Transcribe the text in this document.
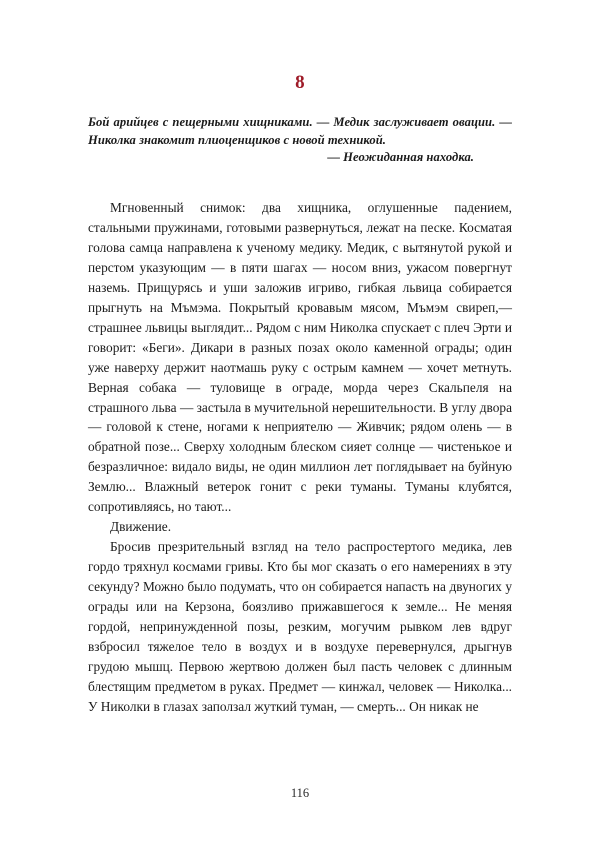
8
Бой арийцев с пещерными хищниками. — Медик заслуживает овации. — Николка знакомит плиоценщиков с новой техникой.
— Неожиданная находка.

Мгновенный снимок: два хищника, оглушенные падением, стальными пружинами, готовыми развернуться, лежат на песке. Косматая голова самца направлена к ученому медику. Медик, с вытянутой рукой и перстом указующим — в пяти шагах — носом вниз, ужасом повергнут наземь. Прищурясь и уши заложив игриво, гибкая львица собирается прыгнуть на Мъмэма. Покрытый кровавым мясом, Мъмэм свиреп,— страшнее львицы выглядит... Рядом с ним Николка спускает с плеч Эрти и говорит: «Беги». Дикари в разных позах около каменной ограды; один уже наверху держит наотмашь руку с острым камнем — хочет метнуть. Верная собака — туловище в ограде, морда через Скальпеля на страшного льва — застыла в мучительной нерешительности. В углу двора — головой к стене, ногами к неприятелю — Живчик; рядом олень — в обратной позе... Сверху холодным блеском сияет солнце — чистенькое и безразличное: видало виды, не один миллион лет поглядывает на буйную Землю... Влажный ветерок гонит с реки туманы. Туманы клубятся, сопротивляясь, но тают...

Движение.

Бросив презрительный взгляд на тело распростертого медика, лев гордо тряхнул космами гривы. Кто бы мог сказать о его намерениях в эту секунду? Можно было подумать, что он собирается напасть на двуногих у ограды или на Керзона, боязливо прижавшегося к земле... Не меняя гордой, непринужденной позы, резким, могучим рывком лев вдруг взбросил тяжелое тело в воздух и в воздухе перевернулся, дрыгнув грудою мышц. Первою жертвою должен был пасть человек с длинным блестящим предметом в руках. Предмет — кинжал, человек — Николка... У Николки в глазах заползал жуткий туман, — смерть... Он никак не

116
